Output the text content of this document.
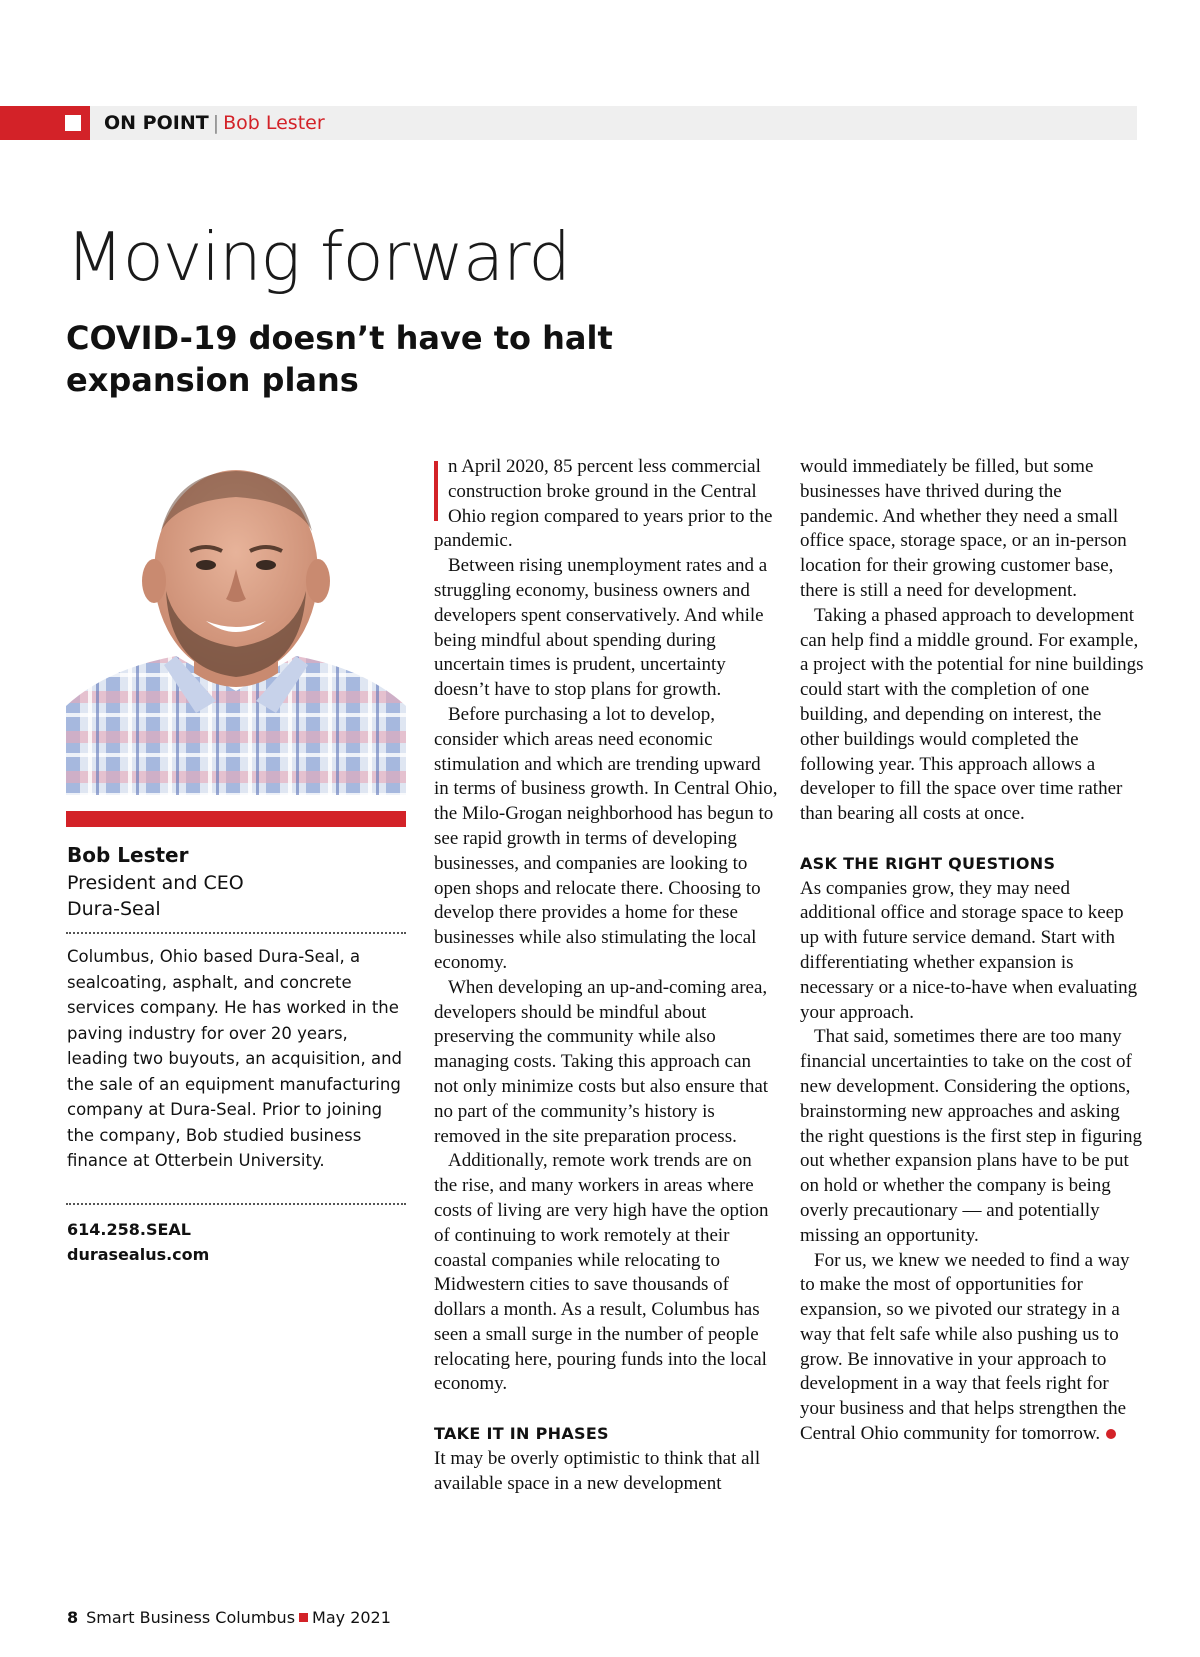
ON POINT | Bob Lester
Moving forward
COVID-19 doesn’t have to halt expansion plans
Bob Lester
President and CEO
Dura-Seal
Columbus, Ohio based Dura-Seal, a sealcoating, asphalt, and concrete services company. He has worked in the paving industry for over 20 years, leading two buyouts, an acquisition, and the sale of an equipment manufacturing company at Dura-Seal. Prior to joining the company, Bob studied business finance at Otterbein University.
614.258.SEAL
durasealus.com

n April 2020, 85 percent less commercial construction broke ground in the Central Ohio region compared to years prior to the pandemic.

Between rising unemployment rates and a struggling economy, business owners and developers spent conservatively. And while being mindful about spending during uncertain times is prudent, uncertainty doesn’t have to stop plans for growth.

Before purchasing a lot to develop, consider which areas need economic stimulation and which are trending upward in terms of business growth. In Central Ohio, the Milo-Grogan neighborhood has begun to see rapid growth in terms of developing businesses, and companies are looking to open shops and relocate there. Choosing to develop there provides a home for these businesses while also stimulating the local economy.

When developing an up-and-coming area, developers should be mindful about preserving the community while also managing costs. Taking this approach can not only minimize costs but also ensure that no part of the community’s history is removed in the site preparation process.

Additionally, remote work trends are on the rise, and many workers in areas where costs of living are very high have the option of continuing to work remotely at their coastal companies while relocating to Midwestern cities to save thousands of dollars a month. As a result, Columbus has seen a small surge in the number of people relocating here, pouring funds into the local economy.

TAKE IT IN PHASES

It may be overly optimistic to think that all available space in a new development

would immediately be filled, but some businesses have thrived during the pandemic. And whether they need a small office space, storage space, or an in-person location for their growing customer base, there is still a need for development.

Taking a phased approach to development can help find a middle ground. For example, a project with the potential for nine buildings could start with the completion of one building, and depending on interest, the other buildings would completed the following year. This approach allows a developer to fill the space over time rather than bearing all costs at once.

ASK THE RIGHT QUESTIONS

As companies grow, they may need additional office and storage space to keep up with future service demand. Start with differentiating whether expansion is necessary or a nice-to-have when evaluating your approach.

That said, sometimes there are too many financial uncertainties to take on the cost of new development. Considering the options, brainstorming new approaches and asking the right questions is the first step in figuring out whether expansion plans have to be put on hold or whether the company is being overly precautionary — and potentially missing an opportunity.

For us, we knew we needed to find a way to make the most of opportunities for expansion, so we pivoted our strategy in a way that felt safe while also pushing us to grow. Be innovative in your approach to development in a way that feels right for your business and that helps strengthen the Central Ohio community for tomorrow.

8 Smart Business Columbus May 2021
